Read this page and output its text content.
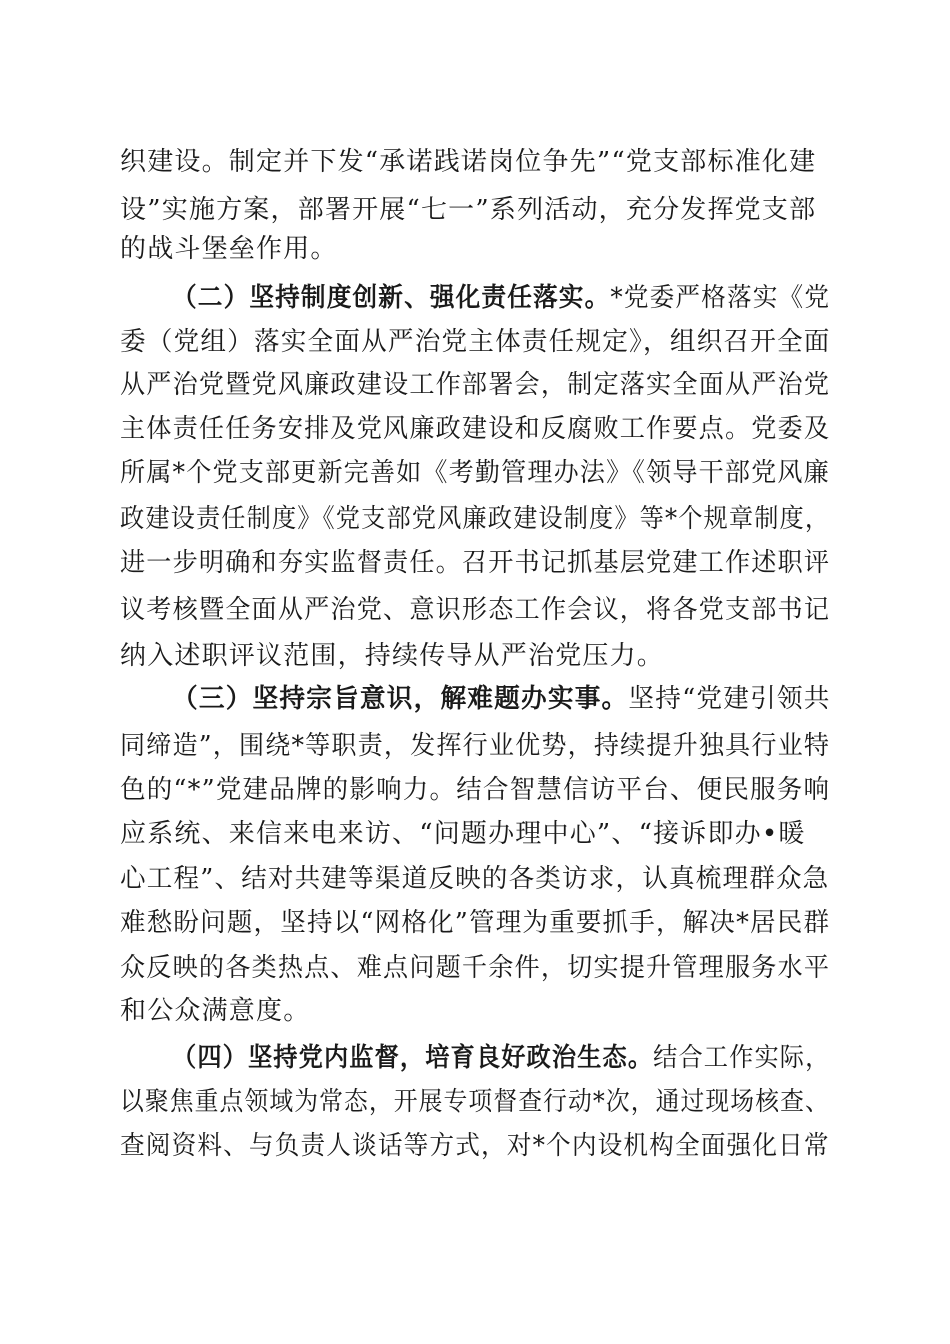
织建设。制定并下发“承诺践诺岗位争先”“党支部标准化建
设”实施方案，部署开展“七一”系列活动，充分发挥党支部
的战斗堡垒作用。
（二）坚持制度创新、强化责任落实。*党委严格落实《党
委（党组）落实全面从严治党主体责任规定》，组织召开全面
从严治党暨党风廉政建设工作部署会，制定落实全面从严治党
主体责任任务安排及党风廉政建设和反腐败工作要点。党委及
所属*个党支部更新完善如《考勤管理办法》《领导干部党风廉
政建设责任制度》《党支部党风廉政建设制度》等*个规章制度，
进一步明确和夯实监督责任。召开书记抓基层党建工作述职评
议考核暨全面从严治党、意识形态工作会议，将各党支部书记
纳入述职评议范围，持续传导从严治党压力。
（三）坚持宗旨意识，解难题办实事。坚持“党建引领共
同缔造”，围绕*等职责，发挥行业优势，持续提升独具行业特
色的“*”党建品牌的影响力。结合智慧信访平台、便民服务响
应系统、来信来电来访、“问题办理中心”、“接诉即办•暖
心工程”、结对共建等渠道反映的各类访求，认真梳理群众急
难愁盼问题，坚持以“网格化”管理为重要抓手，解决*居民群
众反映的各类热点、难点问题千余件，切实提升管理服务水平
和公众满意度。
（四）坚持党内监督，培育良好政治生态。结合工作实际，
以聚焦重点领域为常态，开展专项督查行动*次，通过现场核查、
查阅资料、与负责人谈话等方式，对*个内设机构全面强化日常
